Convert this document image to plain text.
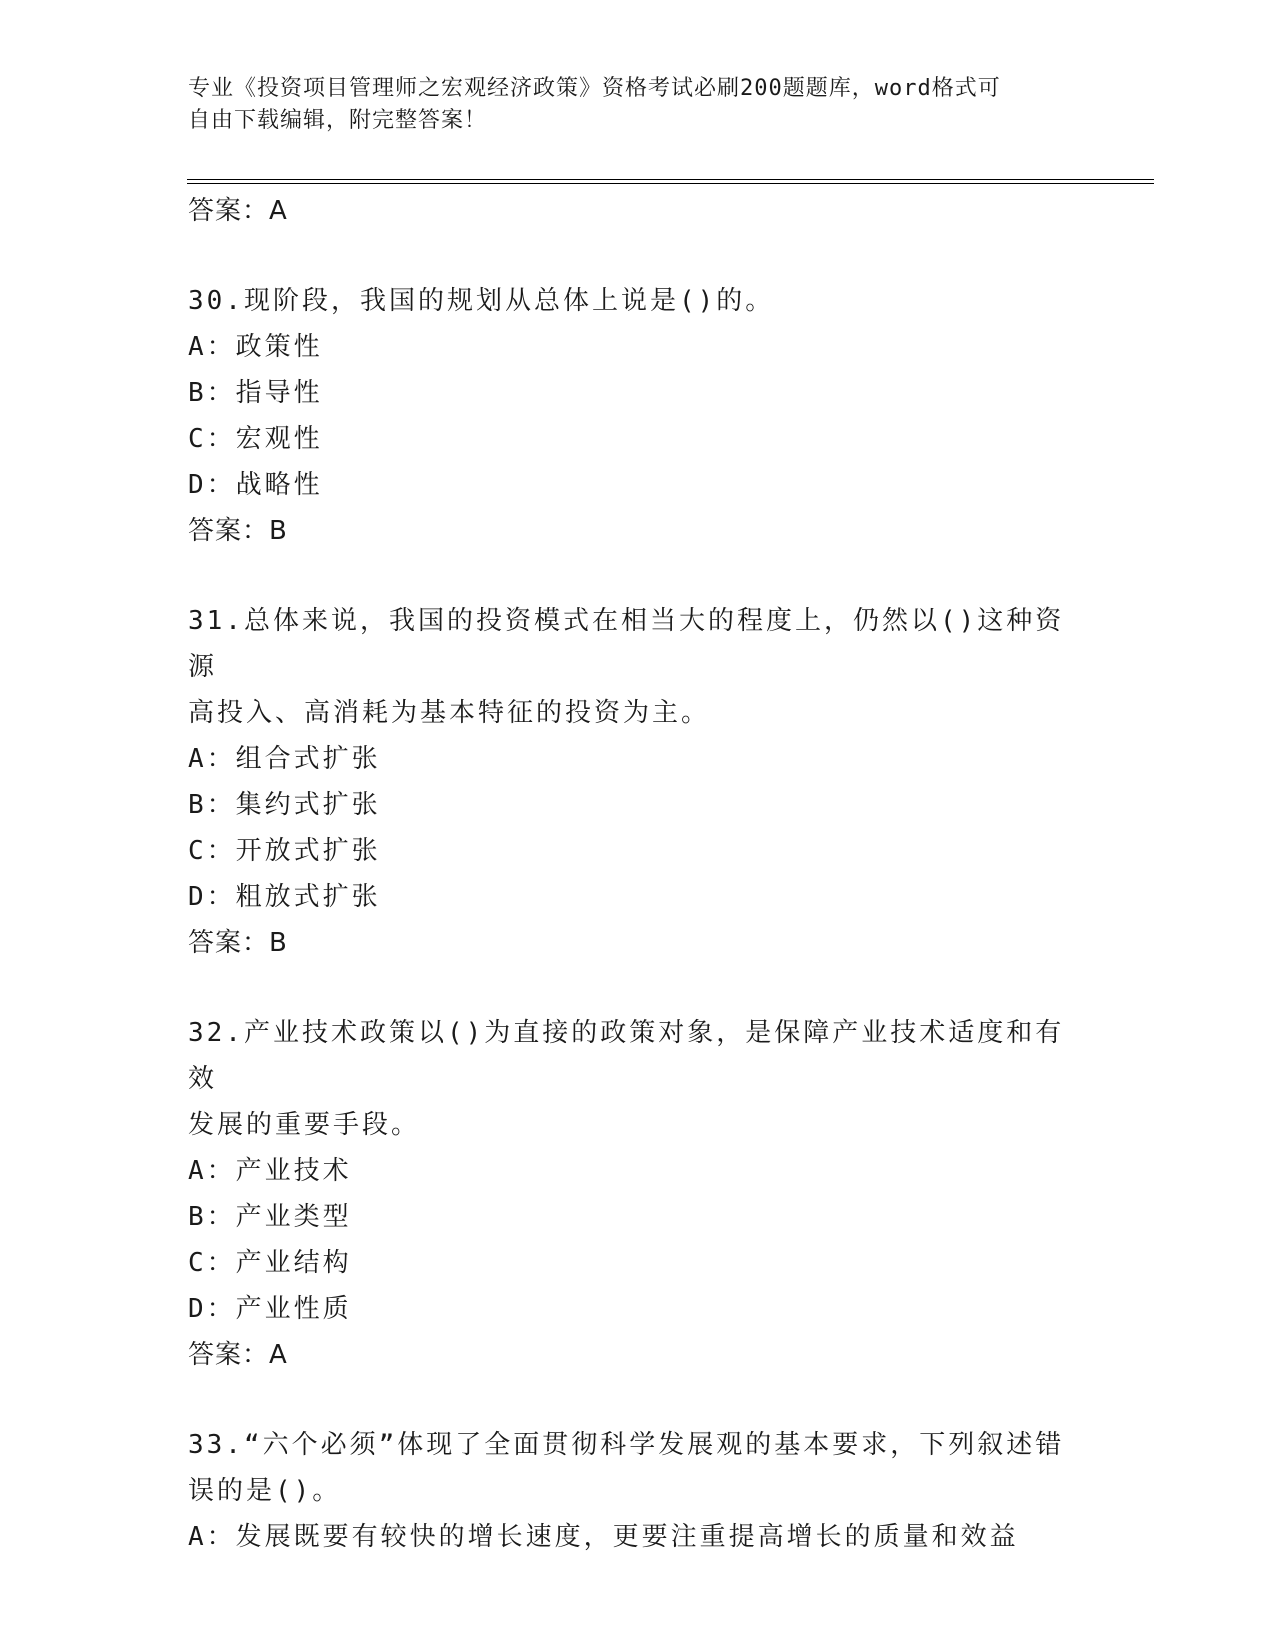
专业《投资项目管理师之宏观经济政策》资格考试必刷200题题库，word格式可
自由下载编辑，附完整答案！
答案：A
30.现阶段，我国的规划从总体上说是()的。
A：政策性
B：指导性
C：宏观性
D：战略性
答案：B
31.总体来说，我国的投资模式在相当大的程度上，仍然以()这种资源
高投入、高消耗为基本特征的投资为主。
A：组合式扩张
B：集约式扩张
C：开放式扩张
D：粗放式扩张
答案：B
32.产业技术政策以()为直接的政策对象，是保障产业技术适度和有效
发展的重要手段。
A：产业技术
B：产业类型
C：产业结构
D：产业性质
答案：A
33.“六个必须”体现了全面贯彻科学发展观的基本要求，下列叙述错
误的是()。
A：发展既要有较快的增长速度，更要注重提高增长的质量和效益
